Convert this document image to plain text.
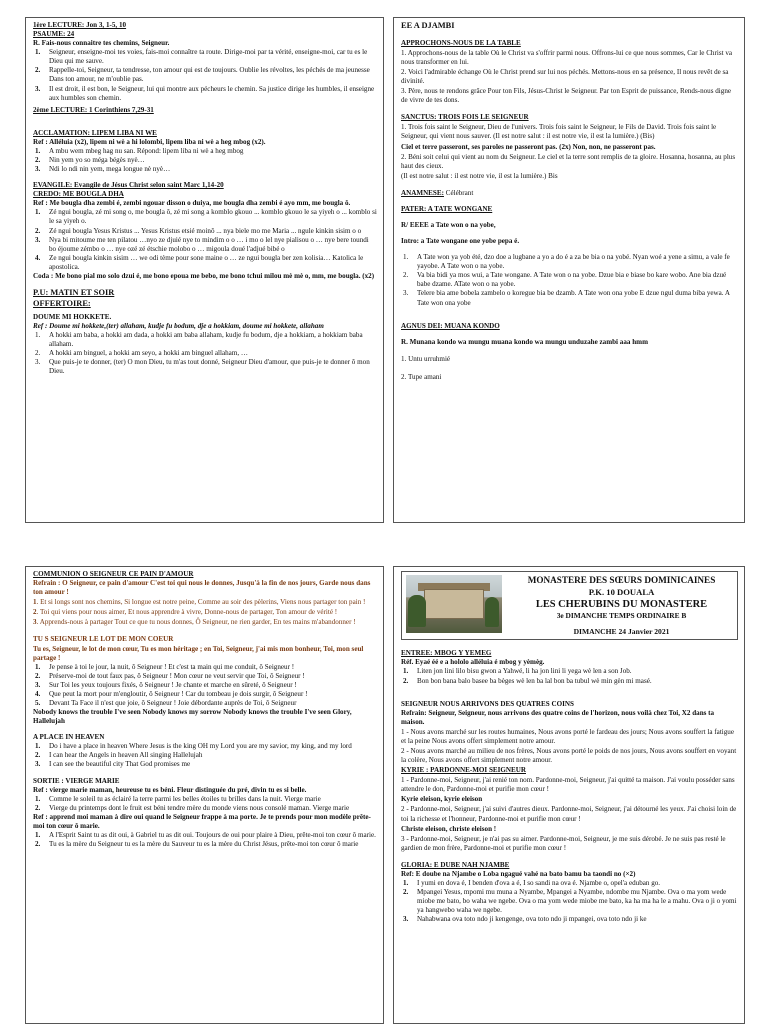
1ère LECTURE: Jon 3, 1-5, 10
PSAUME: 24
R. Fais-nous connaitre tes chemins, Seigneur.
1. Seigneur, enseigne-moi tes voies, fais-moi connaître ta route. Dirige-moi par ta vérité, enseigne-moi, car tu es le Dieu qui me sauve.
2. Rappelle-toi, Seigneur, ta tendresse, ton amour qui est de toujours. Oublie les révoltes, les péchés de ma jeunesse Dans ton amour, ne m'oublie pas.
3. Il est droit, il est bon, le Seigneur, lui qui montre aux pécheurs le chemin. Sa justice dirige les humbles, il enseigne aux humbles son chemin.
2ème LECTURE: 1 Corinthiens 7,29-31
ACCLAMATION: LIPEM LIBA NI WE
Ref : Alléluia (x2), lipem ni wè a hi lolombi, lipem liba ni wè a heg mbog (x2).
1. A mbu wem mbeg hag nu san. Répond: lipem liba ni wè a heg mbog
2. Nin yem yo so méga bégès nyè…
3. Ndi lo ndi nin yem, mega longue nè nyè…
EVANGILE: Evangile de Jésus Christ selon saint Marc 1,14-20
CREDO: ME BOUGLA DHA
Ref : Me bougla dha zembi é, zembi ngouar disson o duiya, me bougla dha zembi é ayo mm, me bougla ô.
1. Zé ngui bougla, zé mi song o, me bougla ô, zé mi song a komblo gkouo ... komblo gkouo le sa yiyeh o ... komblo si le sa yiyeh o.
2. Zé ngui bougla Yesus Kristus ... Yesus Kristus etsié moinô ... nya biele mo me Maria ... ngule kinkin sisim o o
3. Nya bi mitoume me ten pilatou …nyo ze djuié nye to mindim o o … i mo o lel nye pialisou o … nye bere toundi bo éjoume zémbo o … nye ozé zé étschie molobo o … migoula doué l'adjué bibé o
4. Ze ngui bougla kinkin sisim … we odi tème pour sone maine o … ze ngui bougla ber zen kolisia… Katolica le apostolica.
Coda : Me bono pial mo solo dzui é, me bono epoua me bebo, me bono tchui milou mè mè o, mm, me bougla. (x2)
P.U: MATIN ET SOIR
OFFERTOIRE:
DOUME MI HOKKETE.
Ref : Doume mi hokkete,(ter) allaham, kudje fu bodum, dje a hokkiam, doume mi hokkete, allaham
1. A hokki am baba, a hokki am dada, a hokki am baba allaham, kudje fu bodum, dje a hokkiam, a hokkiam baba allaham.
2. A hokki am binguel, a hokki am seyo, a hokki am binguel allaham, …
3. Que puis-je te donner, (ter) O mon Dieu, tu m'as tout donné, Seigneur Dieu d'amour, que puis-je te donner ô mon Dieu.
EE A DJAMBI
APPROCHONS-NOUS DE LA TABLE
1. Approchons-nous de la table Où le Christ va s'offrir parmi nous. Offrons-lui ce que nous sommes, Car le Christ va nous transformer en lui.
2. Voici l'admirable échange Où le Christ prend sur lui nos péchés. Mettons-nous en sa présence, Il nous revêt de sa divinité.
3. Père, nous te rendons grâce Pour ton Fils, Jésus-Christ le Seigneur. Par ton Esprit de puissance, Rends-nous digne de vivre de tes dons.
SANCTUS: TROIS FOIS LE SEIGNEUR
1. Trois fois saint le Seigneur, Dieu de l'univers. Trois fois saint le Seigneur, le Fils de David. Trois fois saint le Seigneur, qui vient nous sauver. (Il est notre salut : il est notre vie, il est la lumière.) (Bis)
Ciel et terre passeront, ses paroles ne passeront pas. (2x) Non, non, ne passeront pas.
2. Béni soit celui qui vient au nom du Seigneur. Le ciel et la terre sont remplis de ta gloire. Hosanna, hosanna, au plus haut des cieux.
(Il est notre salut : il est notre vie, il est la lumière.) Bis
ANAMNESE: Célébrant
PATER: A TATE WONGANE
R/ EEEE a Tate won o na yobe,
Intro: a Tate wongane one yobe pepa é.
1. A Tate won ya yob été, dzo doe a lugbane a yo a do é a za be bia o na yobé. Nyan woé a yene a simu, a vale fe yayobe. A Tate won o na yobe.
2. Va bia bidi ya mos wui, a Tate wongane. A Tate won o na yobe. Dzue bia e biase bo kare wobo. Ane bia dzué babe dzame. ATate won o na yobe.
3. Telere bia ame bobela zambelo o koregue bia be dzamb. A Tate won ona yobe E dzue ngul duma biba yewa. A Tate won ona yobe
AGNUS DEI: MUANA KONDO
R. Munana kondo wa mungu muana kondo wa mungu unduzahe zambi aaa hmm
1. Untu urruhmié
2. Tupe amani
COMMUNION O SEIGNEUR CE PAIN D'AMOUR
Refrain : O Seigneur, ce pain d'amour C'est toi qui nous le donnes, Jusqu'à la fin de nos jours, Garde nous dans ton amour !
1. Et si longs sont nos chemins, Si longue est notre peine, Comme au soir des pèlerins, Viens nous partager ton pain !
2. Toi qui viens pour nous aimer, Et nous apprendre à vivre, Donne-nous de partager, Ton amour de vérité !
3. Apprends-nous à partager Tout ce que tu nous donnes, Ô Seigneur, ne rien garder, En tes mains m'abandonner !
TU S SEIGNEUR LE LOT DE MON COEUR
Tu es, Seigneur, le lot de mon cœur, Tu es mon héritage ; en Toi, Seigneur, j'ai mis mon bonheur, Toi, mon seul partage !
1. Je pense à toi le jour, la nuit, ô Seigneur ! Et c'est ta main qui me conduit, ô Seigneur !
2. Préserve-moi de tout faux pas, ô Seigneur ! Mon cœur ne veut servir que Toi, ô Seigneur !
3. Sur Toi les yeux toujours fixés, ô Seigneur ! Je chante et marche en sûreté, ô Seigneur !
4. Que peut la mort pour m'engloutir, ô Seigneur ! Car du tombeau je dois surgir, ô Seigneur !
5. Devant Ta Face il n'est que joie, ô Seigneur ! Joie débordante auprès de Toi, ô Seigneur
Nobody knows the trouble I've seen Nobody knows my sorrow Nobody knows the trouble I've seen Glory, Hallelujah
A PLACE IN HEAVEN
1. Do i have a place in heaven Where Jesus is the king OH my Lord you are my savior, my king, and my lord
2. I can hear the Angels in heaven All singing Hallelujah
3. I can see the beautiful city That God promises me
SORTIE : VIERGE MARIE
Ref : vierge marie maman, heureuse tu es béni. Fleur distinguée du pré, divin tu es si belle.
1. Comme le soleil tu as éclairé la terre parmi les belles étoiles tu brilles dans la nuit. Vierge marie
2. Vierge du printemps dont le fruit est béni tendre mère du monde viens nous consolé maman. Vierge marie
Ref : apprend moi maman à dire oui quand le Seigneur frappe à ma porte. Je te prends pour mon modèle prête-moi ton cœur ô marie.
1. A l'Esprit Saint tu as dit oui, à Gabriel tu as dit oui. Toujours de oui pour plaire à Dieu, prête-moi ton cœur ô marie.
2. Tu es la mère du Seigneur tu es la mère du Sauveur tu es la mère du Christ Jésus, prête-moi ton cœur ô marie
MONASTERE DES SŒURS DOMINICAINES
P.K. 10 DOUALA
LES CHERUBINS DU MONASTERE
3e DIMANCHE TEMPS ORDINAIRE B
DIMANCHE 24 Janvier 2021
ENTREE: MBOG Y YEMEG
Réf. Eyaé éé e a hololo alléluia é mbog y yèmèg.
1. Liten jon lini lilo bisu gwon a Yahwé, li ha jon lini li yega wè len a son Job.
2. Bon bon bana balo basee ba bèges wè len ba lal bon ba tubul wè min gèn mi masé.
SEIGNEUR NOUS ARRIVONS DES QUATRES COINS
Refrain: Seigneur, Seigneur, nous arrivons des quatre coins de l'horizon, nous voilà chez Toi, X2 dans ta maison.
1 - Nous avons marché sur les routes humaines, Nous avons porté le fardeau des jours; Nous avons souffert la fatigue et la peine Nous avons offert simplement notre amour.
2 - Nous avons marché au milieu de nos frères, Nous avons porté le poids de nos jours, Nous avons souffert en voyant la colère, Nous avons offert simplement notre amour.
KYRIE : PARDONNE-MOI SEIGNEUR
1 - Pardonne-moi, Seigneur, j'ai renié ton nom. Pardonne-moi, Seigneur, j'ai quitté ta maison. J'ai voulu posséder sans attendre le don, Pardonne-moi et purifie mon cœur !
Kyrie eleison, kyrie eleison
2 - Pardonne-moi, Seigneur, j'ai suivi d'autres dieux. Pardonne-moi, Seigneur, j'ai détourné les yeux. J'ai choisi loin de toi la richesse et l'honneur, Pardonne-moi et purifie mon cœur !
Christe eleison, christe eleison !
3 - Pardonne-moi, Seigneur, je n'ai pas su aimer. Pardonne-moi, Seigneur, je me suis dérobé. Je ne suis pas resté le gardien de mon frère, Pardonne-moi et purifie mon cœur !
GLORIA: E DUBE NAH NJAMBE
Ref: E doube na Njambe o Loba ngagué vahé na bato bamu ba taondi no (×2)
1. I yumi en dova é, I benden d'ova a é, I so sandi na ova é. Njambe o, opel'a eduban go.
2. Mpangei Yesus, mpomi mu muna a Nyambe, Mpangei a Nyambe, ndombe mu Njambe. Ova o ma yom wede miobe me bato, bo waha we ngebe. Ova o ma yom wede miobe me bato, ka ha ma ha le a mahu. Ova o ji o yomi ya hangwebo waha we ngebe.
3. Nahabwana ova toto ndo ji kengenge, ova toto ndo ji mpangei, ova toto ndo ji ke
